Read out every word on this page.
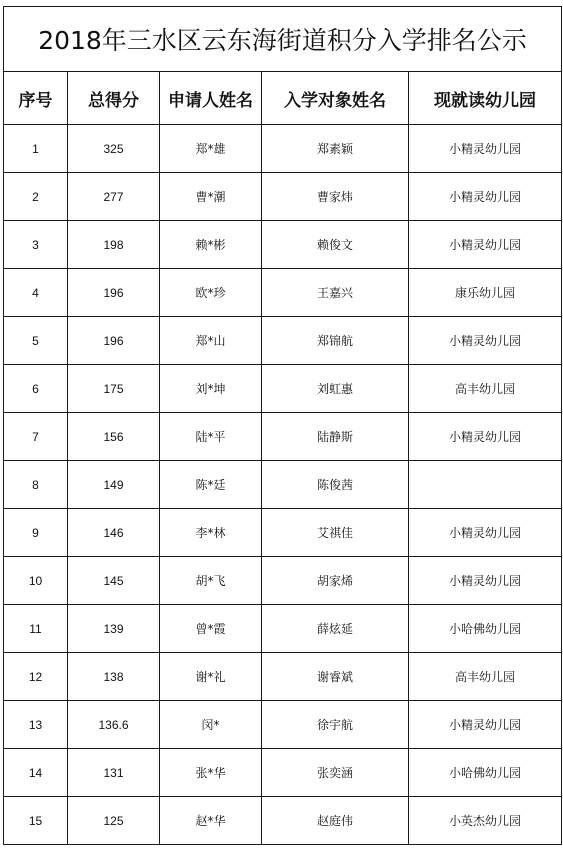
2018年三水区云东海街道积分入学排名公示				
序号	总得分	申请人姓名	入学对象姓名	现就读幼儿园
1	325	郑*雄	郑素颖	小精灵幼儿园
2	277	曹*潮	曹家炜	小精灵幼儿园
3	198	赖*彬	赖俊文	小精灵幼儿园
4	196	欧*珍	王嘉兴	康乐幼儿园
5	196	郑*山	郑锦航	小精灵幼儿园
6	175	刘*坤	刘虹惠	高丰幼儿园
7	156	陆*平	陆静斯	小精灵幼儿园
8	149	陈*廷	陈俊茜	
9	146	李*林	艾祺佳	小精灵幼儿园
10	145	胡*飞	胡家烯	小精灵幼儿园
11	139	曾*霞	薛炫延	小哈佛幼儿园
12	138	谢*礼	谢睿斌	高丰幼儿园
13	136.6	闵*	徐宇航	小精灵幼儿园
14	131	张*华	张奕涵	小哈佛幼儿园
15	125	赵*华	赵庭伟	小英杰幼儿园
